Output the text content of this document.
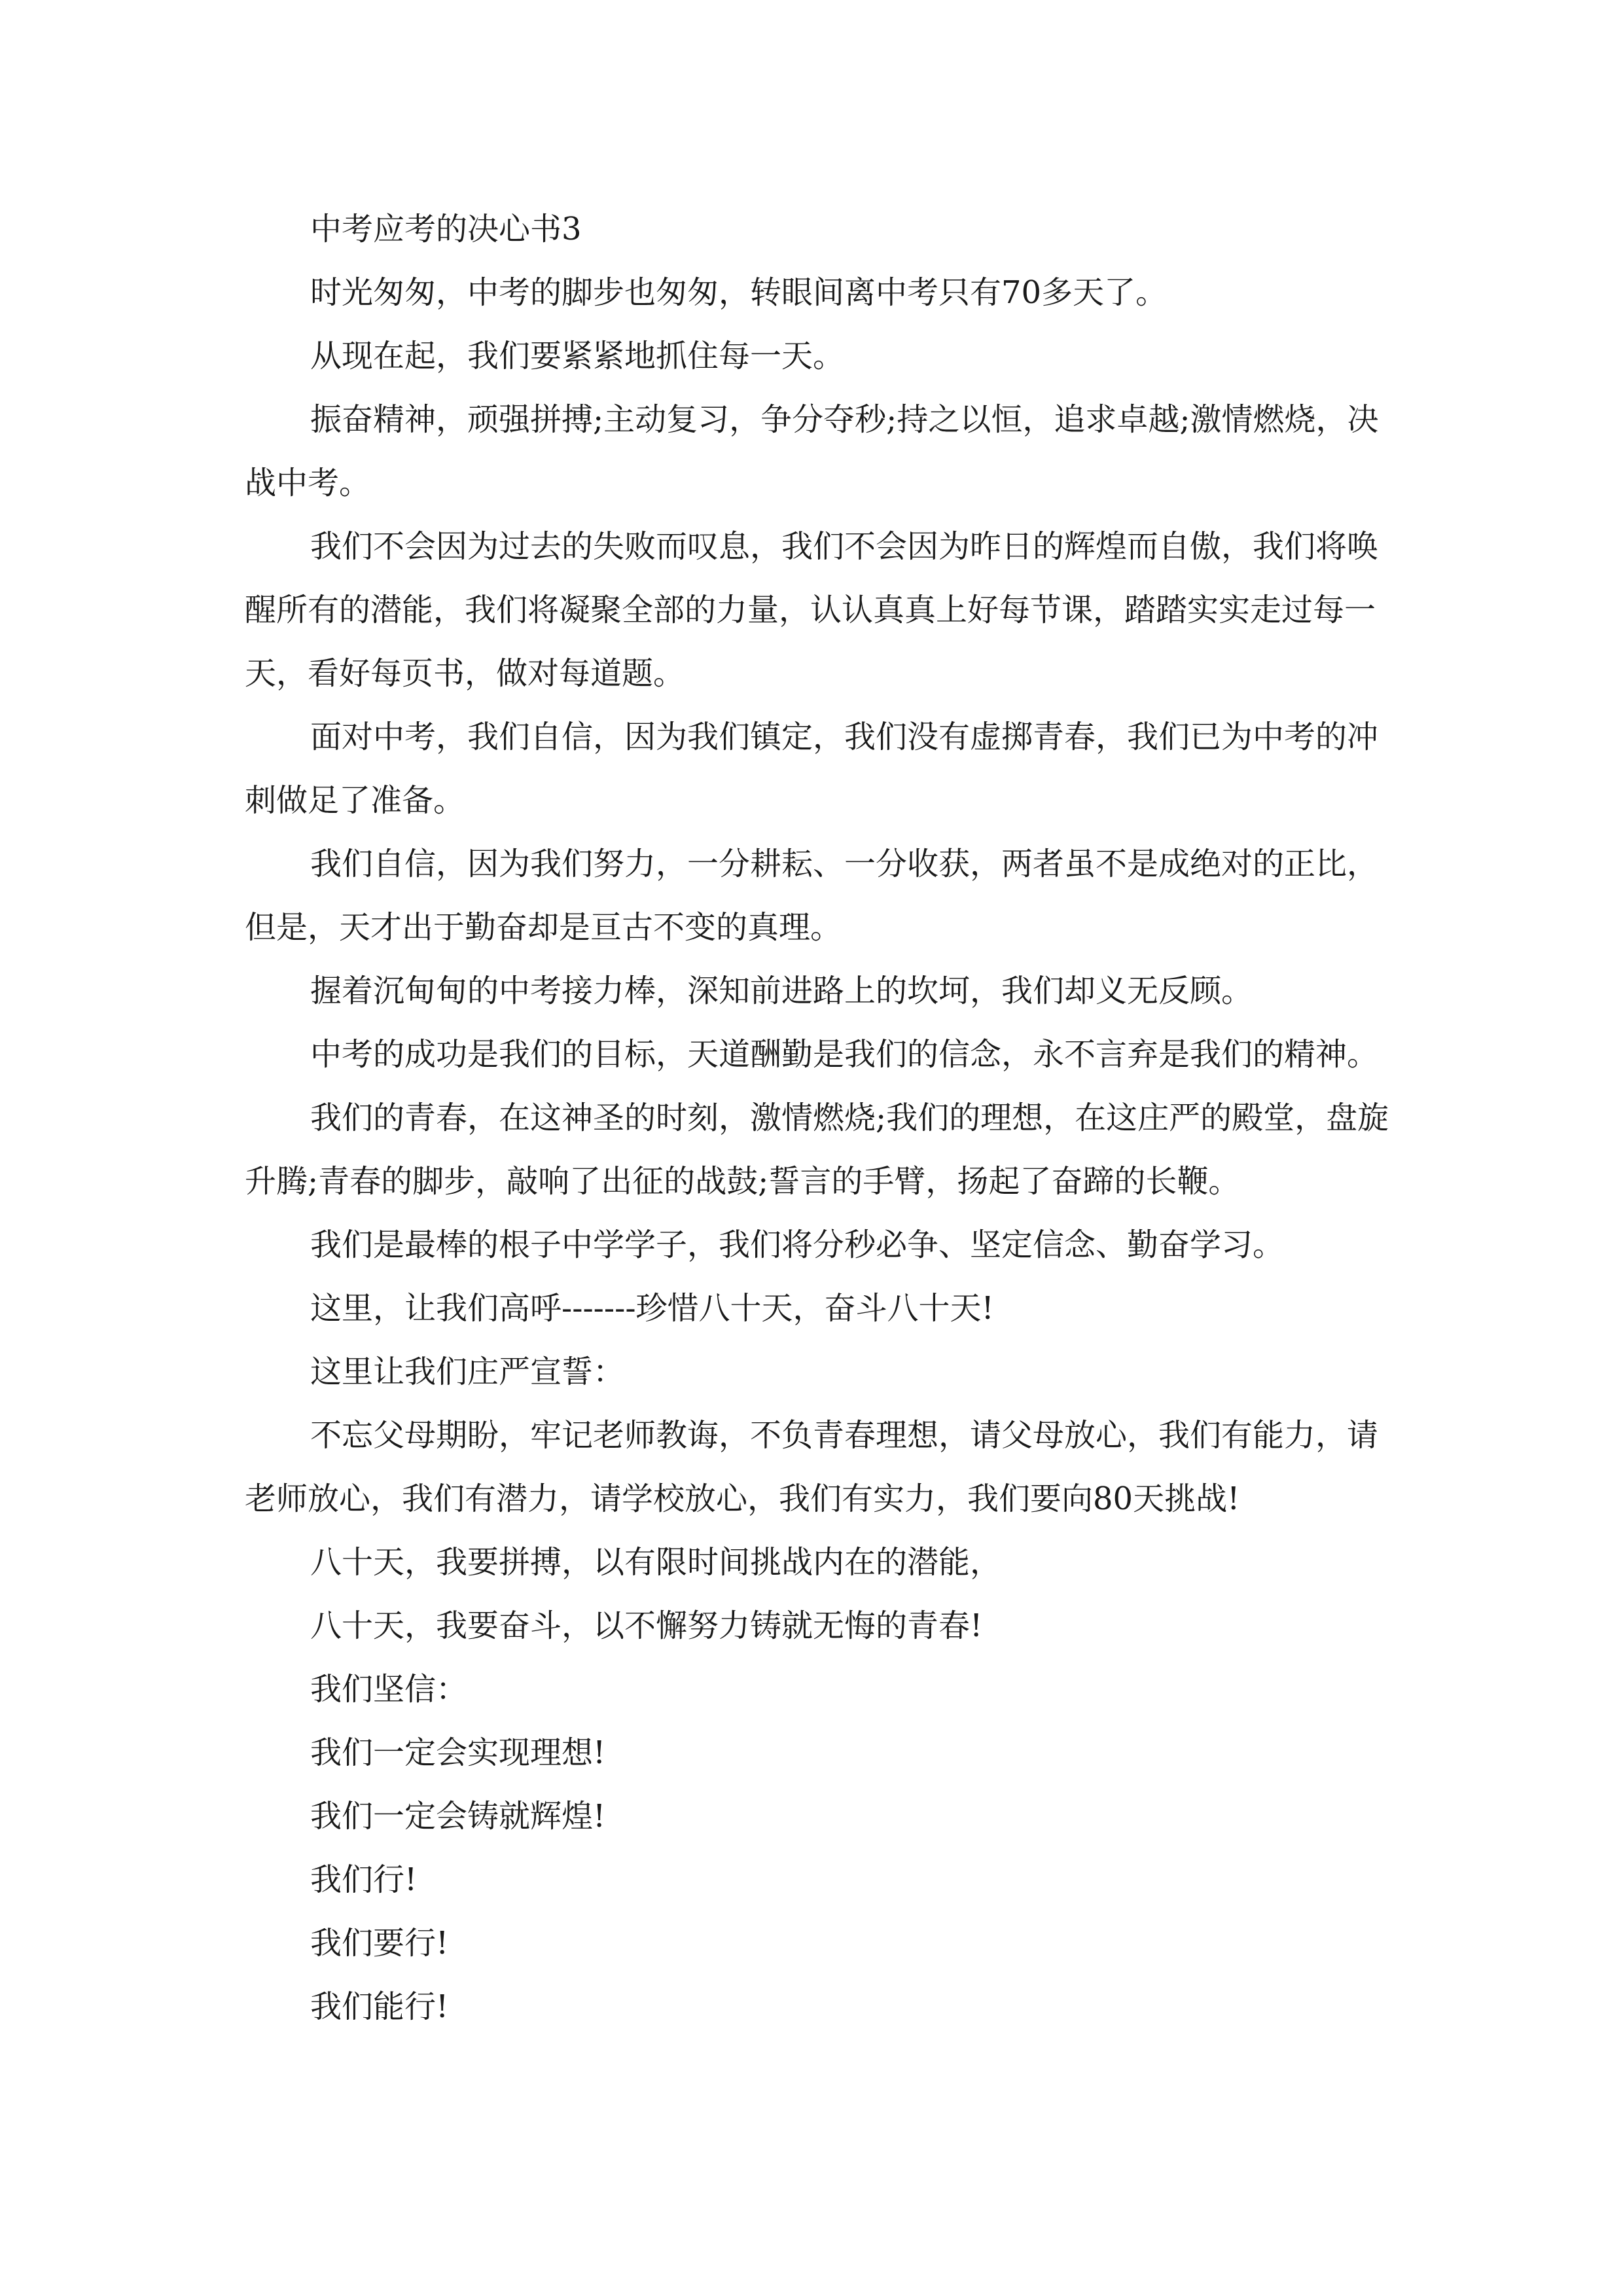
中考应考的决心书3

时光匆匆，中考的脚步也匆匆，转眼间离中考只有70多天了。

从现在起，我们要紧紧地抓住每一天。

振奋精神，顽强拼搏;主动复习，争分夺秒;持之以恒，追求卓越;激情燃烧，决战中考。

我们不会因为过去的失败而叹息，我们不会因为昨日的辉煌而自傲，我们将唤醒所有的潜能，我们将凝聚全部的力量，认认真真上好每节课，踏踏实实走过每一天，看好每页书，做对每道题。

面对中考，我们自信，因为我们镇定，我们没有虚掷青春，我们已为中考的冲刺做足了准备。

我们自信，因为我们努力，一分耕耘、一分收获，两者虽不是成绝对的正比，但是，天才出于勤奋却是亘古不变的真理。

握着沉甸甸的中考接力棒，深知前进路上的坎坷，我们却义无反顾。

中考的成功是我们的目标，天道酬勤是我们的信念，永不言弃是我们的精神。

我们的青春，在这神圣的时刻，激情燃烧;我们的理想，在这庄严的殿堂，盘旋升腾;青春的脚步，敲响了出征的战鼓;誓言的手臂，扬起了奋蹄的长鞭。

我们是最棒的根子中学学子，我们将分秒必争、坚定信念、勤奋学习。

这里，让我们高呼-------珍惜八十天，奋斗八十天!

这里让我们庄严宣誓：

不忘父母期盼，牢记老师教诲，不负青春理想，请父母放心，我们有能力，请老师放心，我们有潜力，请学校放心，我们有实力，我们要向80天挑战!

八十天，我要拼搏，以有限时间挑战内在的潜能，

八十天，我要奋斗，以不懈努力铸就无悔的青春!

我们坚信：

我们一定会实现理想!

我们一定会铸就辉煌!

我们行!

我们要行!

我们能行!
